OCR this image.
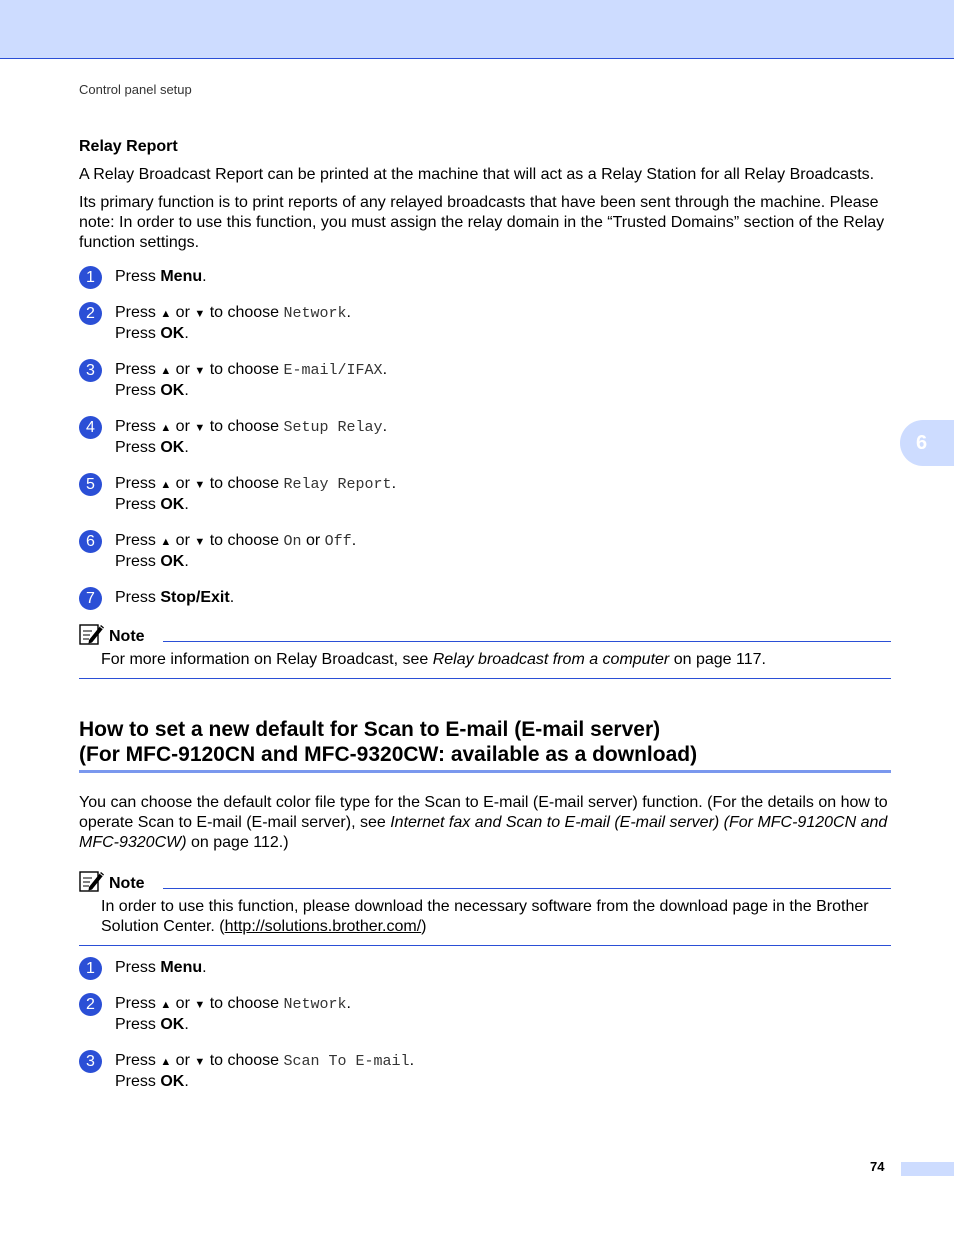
Control panel setup
6
Relay Report

A Relay Broadcast Report can be printed at the machine that will act as a Relay Station for all Relay Broadcasts.

Its primary function is to print reports of any relayed broadcasts that have been sent through the machine. Please note: In order to use this function, you must assign the relay domain in the “Trusted Domains” section of the Relay function settings.

1	Press Menu.
2	Press ▲ or ▼ to choose Network.
Press OK.
3	Press ▲ or ▼ to choose E-mail/IFAX.
Press OK.
4	Press ▲ or ▼ to choose Setup Relay.
Press OK.
5	Press ▲ or ▼ to choose Relay Report.
Press OK.
6	Press ▲ or ▼ to choose On or Off.
Press OK.
7	Press Stop/Exit.
Note
For more information on Relay Broadcast, see Relay broadcast from a computer on page 117.
How to set a new default for Scan to E-mail (E-mail server)
(For MFC-9120CN and MFC-9320CW: available as a download)

You can choose the default color file type for the Scan to E-mail (E-mail server) function. (For the details on how to operate Scan to E-mail (E-mail server), see Internet fax and Scan to E-mail (E-mail server) (For MFC-9120CN and MFC-9320CW) on page 112.)

Note
In order to use this function, please download the necessary software from the download page in the Brother Solution Center. (http://solutions.brother.com/)
1	Press Menu.
2	Press ▲ or ▼ to choose Network.
Press OK.
3	Press ▲ or ▼ to choose Scan To E-mail.
Press OK.
74
